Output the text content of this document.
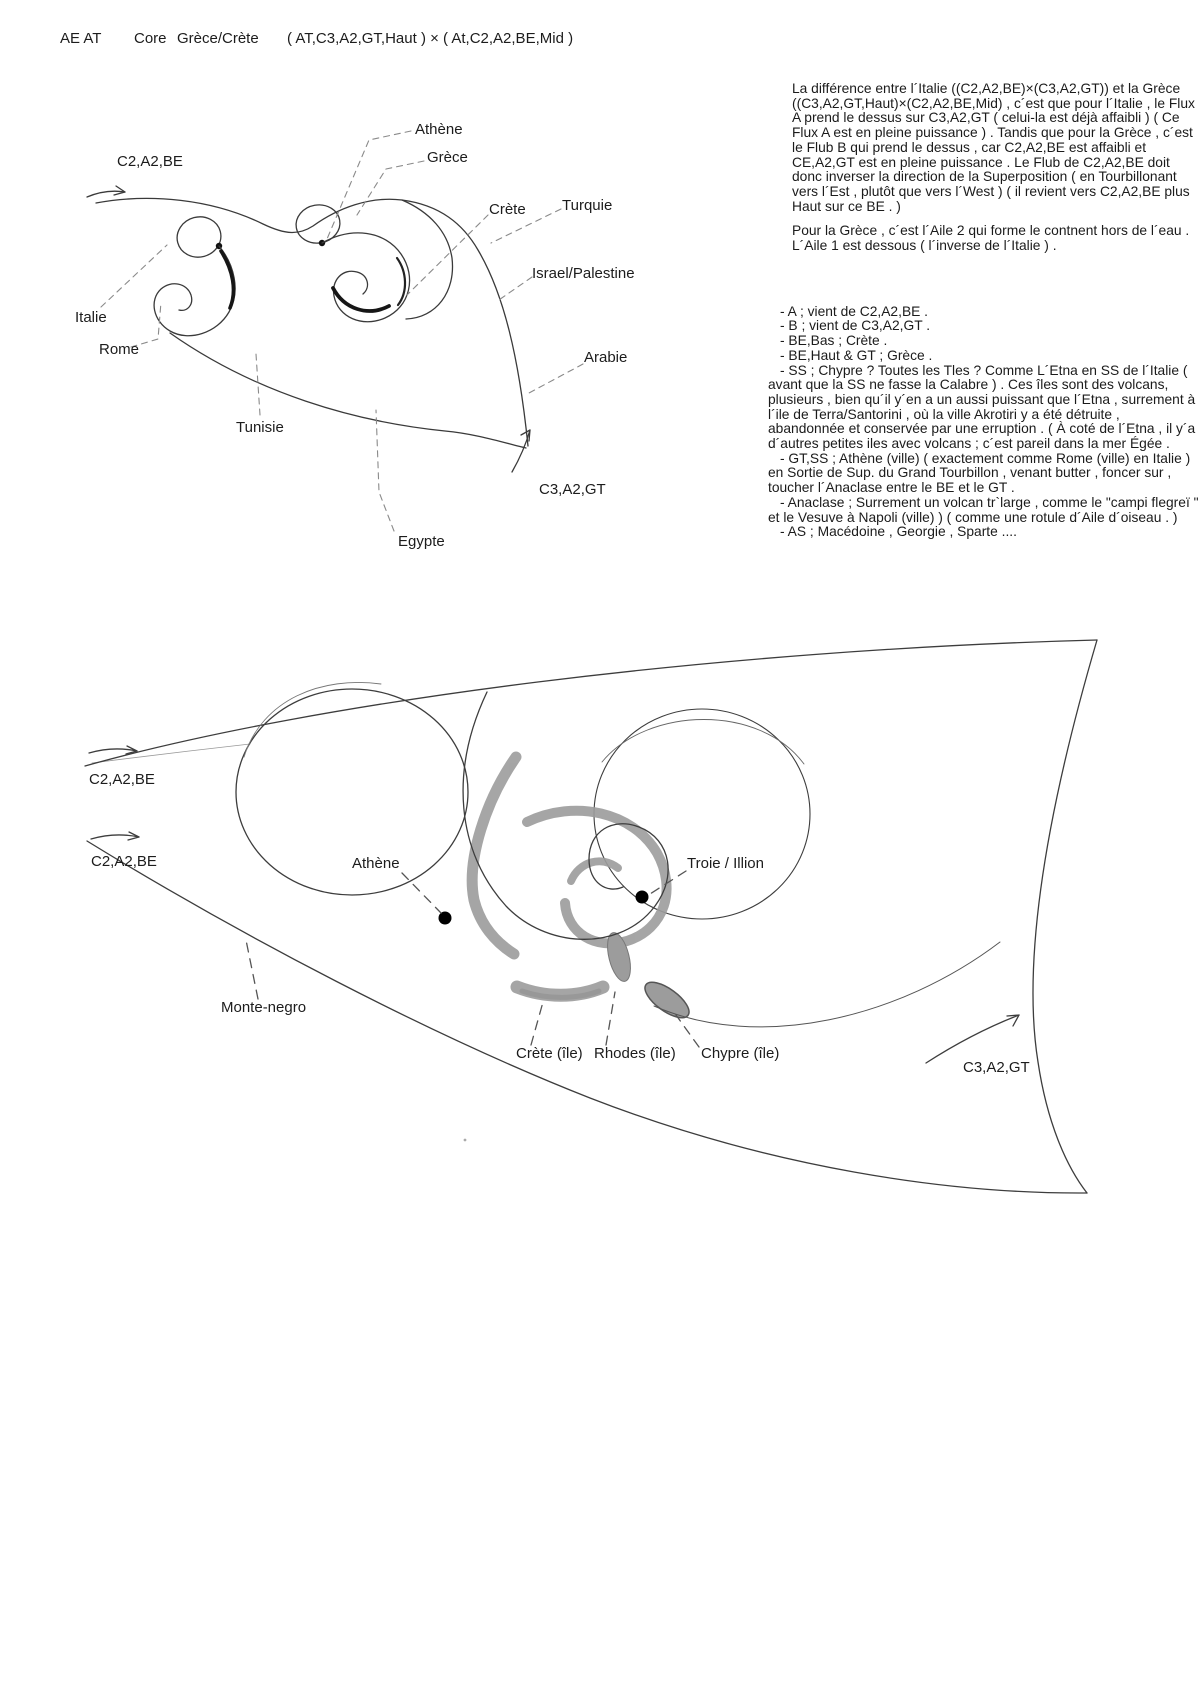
AE AT Core Grèce/Crète ( AT,C3,A2,GT,Haut ) × ( At,C2,A2,BE,Mid )
C2,A2,BE
Athène
Grèce
Crète Turquie
Israel/Palestine
Italie
Rome	Arabie
Tunisie
C3,A2,GT
Egypte
C2,A2,BE
C2,A2,BE	Athène	Troie / Illion
Monte-negro
Crète (île) Rhodes (île) Chypre (île)
C3,A2,GT

La différence entre l´Italie ((C2,A2,BE)×(C3,A2,GT)) et la Grèce ((C3,A2,GT,Haut)×(C2,A2,BE,Mid) , c´est que pour l´Italie , le Flux A prend le dessus sur C3,A2,GT ( celui-la est déjà affaibli ) ( Ce Flux A est en pleine puissance ) . Tandis que pour la Grèce , c´est le Flub B qui prend le dessus , car C2,A2,BE est affaibli et CE,A2,GT est en pleine puissance . Le Flub de C2,A2,BE doit donc inverser la direction de la Superposition ( en Tourbillonant vers l´Est , plutôt que vers l´West ) ( il revient vers C2,A2,BE plus Haut sur ce BE . )

Pour la Grèce , c´est l´Aile 2 qui forme le contnent hors de l´eau . L´Aile 1 est dessous ( l´inverse de l´Italie ) .

- A ; vient de C2,A2,BE .

- B ; vient de C3,A2,GT .

- BE,Bas ; Crète .

- BE,Haut & GT ; Grèce .

- SS ; Chypre ? Toutes les Tles ? Comme L´Etna en SS de l´Italie ( avant que la SS ne fasse la Calabre ) . Ces îles sont des volcans, plusieurs , bien qu´il y´en a un aussi puissant que l´Etna , surrement à l´ile de Terra/Santorini , où la ville Akrotiri y a été détruite , abandonnée et conservée par une erruption . ( À coté de l´Etna , il y´a d´autres petites iles avec volcans ; c´est pareil dans la mer Égée .

- GT,SS ; Athène (ville) ( exactement comme Rome (ville) en Italie ) en Sortie de Sup. du Grand Tourbillon , venant butter , foncer sur , toucher l´Anaclase entre le BE et le GT .

- Anaclase ; Surrement un volcan tr`large , comme le "campi flegreï " et le Vesuve à Napoli (ville) ) ( comme une rotule d´Aile d´oiseau . )

- AS ; Macédoine , Georgie , Sparte ....
